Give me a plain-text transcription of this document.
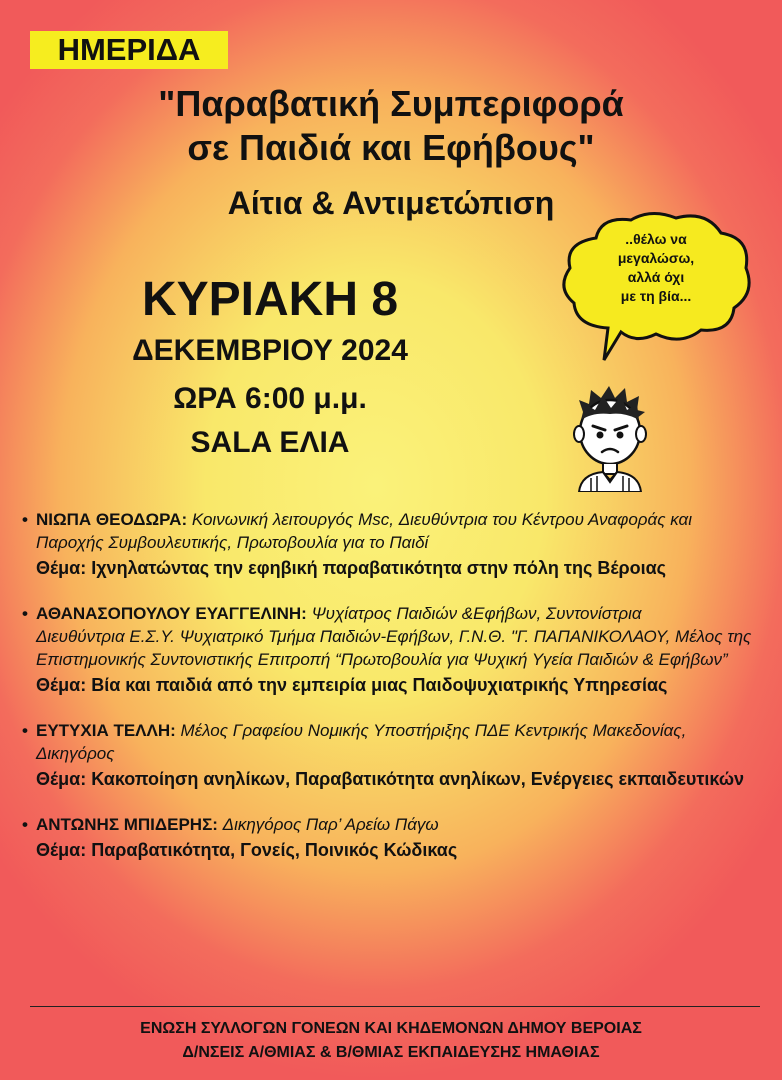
ΗΜΕΡΙΔΑ
"Παραβατική Συμπεριφορά
σε Παιδιά και Εφήβους"
Αίτια & Αντιμετώπιση
ΚΥΡΙΑΚΗ 8
ΔΕΚΕΜΒΡΙΟΥ 2024
ΩΡΑ 6:00 μ.μ.
SALA ΕΛΙΑ
..θέλω να
μεγαλώσω,
αλλά όχι
με τη βία...
• ΝΙΩΠΑ ΘΕΟΔΩΡΑ: Κοινωνική λειτουργός Msc, Διευθύντρια του Κέντρου Αναφοράς και
Παροχής Συμβουλευτικής, Πρωτοβουλία για το Παιδί
Θέμα: Ιχνηλατώντας την εφηβική παραβατικότητα στην πόλη της Βέροιας
• ΑΘΑΝΑΣΟΠΟΥΛΟΥ ΕΥΑΓΓΕΛΙΝΗ: Ψυχίατρος Παιδιών &Εφήβων, Συντονίστρια
Διευθύντρια Ε.Σ.Υ. Ψυχιατρικό Τμήμα Παιδιών-Εφήβων, Γ.Ν.Θ. "Γ. ΠΑΠΑΝΙΚΟΛΑΟΥ, Μέλος της Επιστημονικής Συντονιστικής Επιτροπή “Πρωτοβουλία για Ψυχική Υγεία Παιδιών & Εφήβων”
Θέμα: Βία και παιδιά από την εμπειρία μιας Παιδοψυχιατρικής Υπηρεσίας
• ΕΥΤΥΧΙΑ ΤΕΛΛΗ: Μέλος Γραφείου Νομικής Υποστήριξης ΠΔΕ Κεντρικής Μακεδονίας,
Δικηγόρος
Θέμα: Κακοποίηση ανηλίκων, Παραβατικότητα ανηλίκων, Ενέργειες εκπαιδευτικών
• ΑΝΤΩΝΗΣ ΜΠΙΔΕΡΗΣ: Δικηγόρος Παρ’ Αρείω Πάγω
Θέμα: Παραβατικότητα, Γονείς, Ποινικός Κώδικας
ΕΝΩΣΗ ΣΥΛΛΟΓΩΝ ΓΟΝΕΩΝ ΚΑΙ ΚΗΔΕΜΟΝΩΝ ΔΗΜΟΥ ΒΕΡΟΙΑΣ
Δ/ΝΣΕΙΣ Α/ΘΜΙΑΣ & Β/ΘΜΙΑΣ ΕΚΠΑΙΔΕΥΣΗΣ ΗΜΑΘΙΑΣ
